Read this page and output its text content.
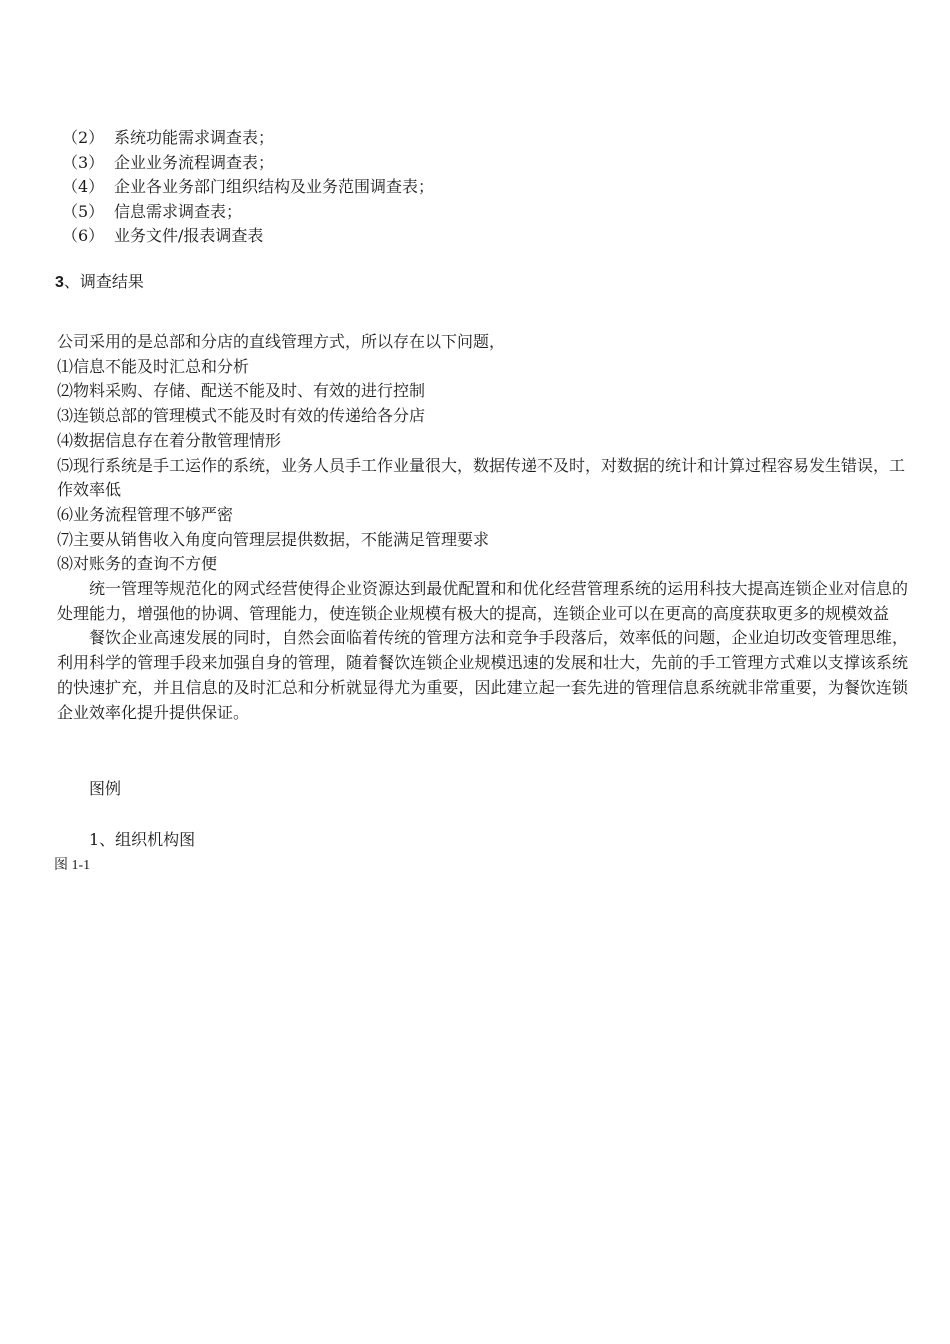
（2） 系统功能需求调查表；
（3） 企业业务流程调查表；
（4） 企业各业务部门组织结构及业务范围调查表；
（5） 信息需求调查表；
（6） 业务文件/报表调查表
3、调查结果
公司采用的是总部和分店的直线管理方式，所以存在以下问题，
⑴信息不能及时汇总和分析
⑵物料采购、存储、配送不能及时、有效的进行控制
⑶连锁总部的管理模式不能及时有效的传递给各分店
⑷数据信息存在着分散管理情形
⑸现行系统是手工运作的系统，业务人员手工作业量很大，数据传递不及时，对数据的统计和计算过程容易发生错误，工作效率低
⑹业务流程管理不够严密
⑺主要从销售收入角度向管理层提供数据，不能满足管理要求
⑻对账务的查询不方便
统一管理等规范化的网式经营使得企业资源达到最优配置和和优化经营管理系统的运用科技大提高连锁企业对信息的处理能力，增强他的协调、管理能力，使连锁企业规模有极大的提高，连锁企业可以在更高的高度获取更多的规模效益
餐饮企业高速发展的同时，自然会面临着传统的管理方法和竞争手段落后，效率低的问题，企业迫切改变管理思维，利用科学的管理手段来加强自身的管理，随着餐饮连锁企业规模迅速的发展和壮大，先前的手工管理方式难以支撑该系统的快速扩充，并且信息的及时汇总和分析就显得尤为重要，因此建立起一套先进的管理信息系统就非常重要，为餐饮连锁企业效率化提升提供保证。
图例
1、组织机构图
图 1-1
